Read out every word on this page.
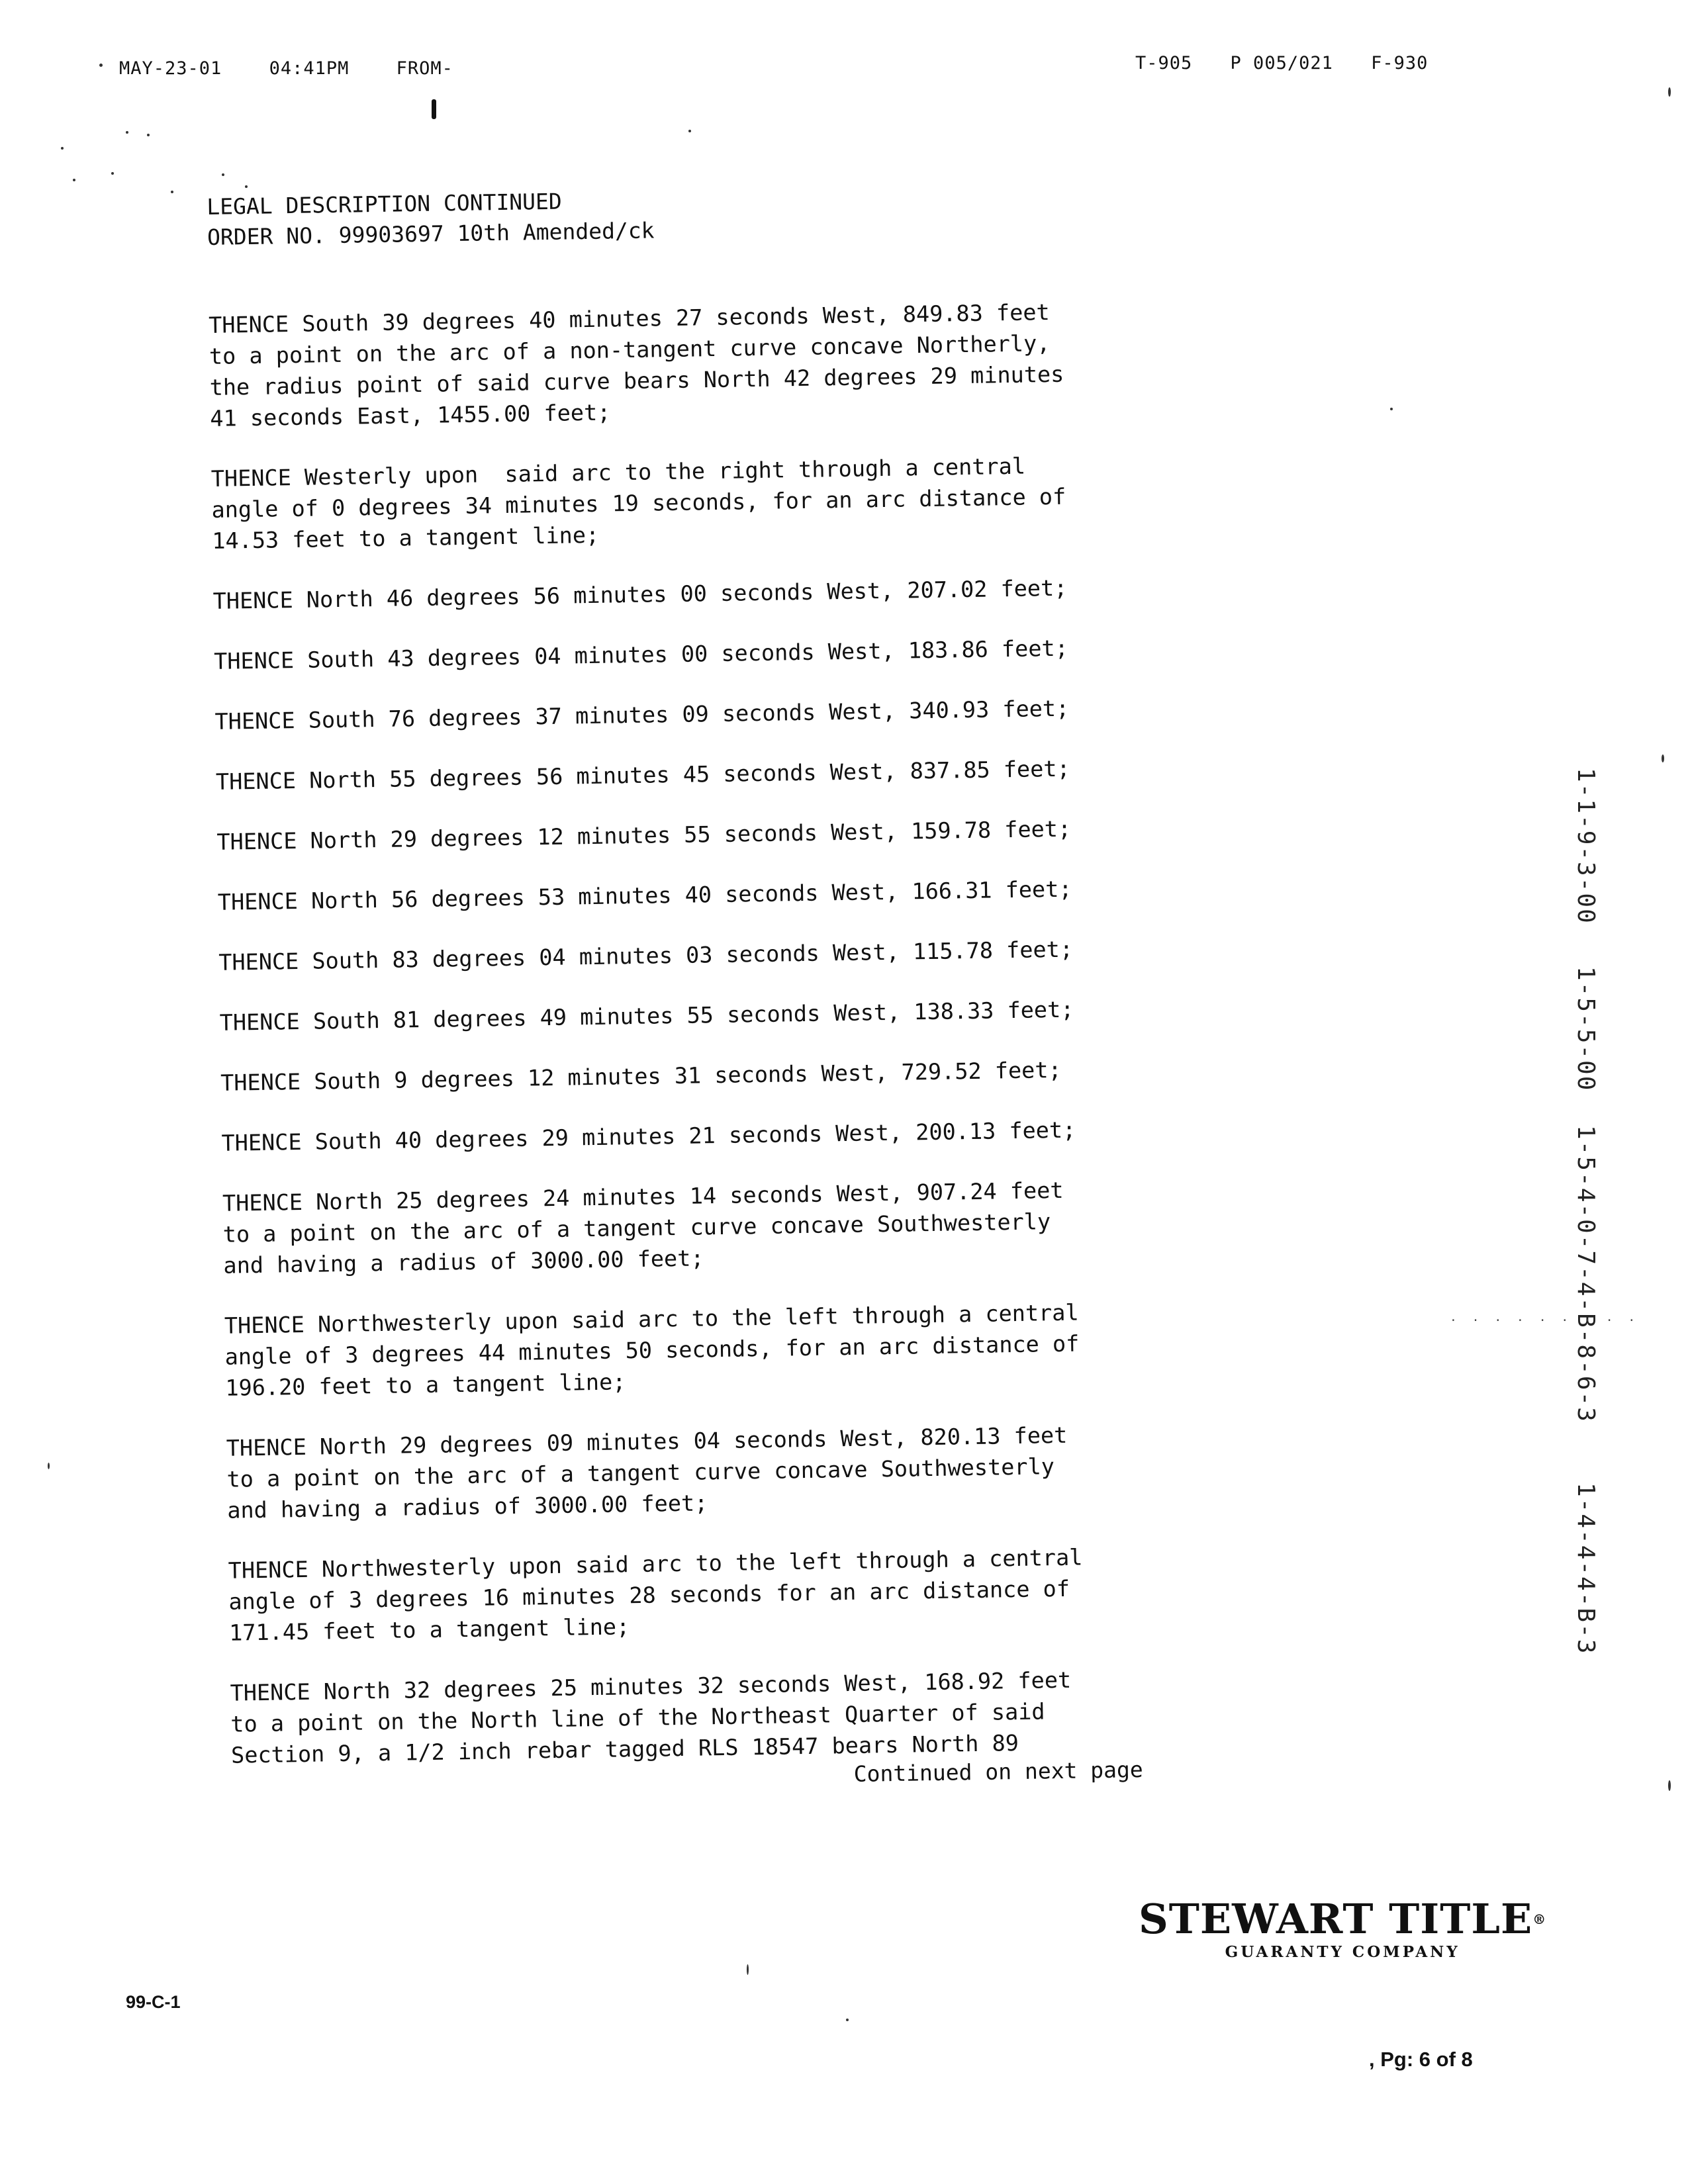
MAY-23-01	04:41PM	FROM-	T-905 P 005/021 F-930
LEGAL DESCRIPTION CONTINUED
ORDER NO. 99903697 10th Amended/ck

THENCE South 39 degrees 40 minutes 27 seconds West, 849.83 feet
to a point on the arc of a non-tangent curve concave Northerly,
the radius point of said curve bears North 42 degrees 29 minutes
41 seconds East, 1455.00 feet;

THENCE Westerly upon  said arc to the right through a central
angle of 0 degrees 34 minutes 19 seconds, for an arc distance of
14.53 feet to a tangent line;

THENCE North 46 degrees 56 minutes 00 seconds West, 207.02 feet;

THENCE South 43 degrees 04 minutes 00 seconds West, 183.86 feet;

THENCE South 76 degrees 37 minutes 09 seconds West, 340.93 feet;

THENCE North 55 degrees 56 minutes 45 seconds West, 837.85 feet;

THENCE North 29 degrees 12 minutes 55 seconds West, 159.78 feet;

THENCE North 56 degrees 53 minutes 40 seconds West, 166.31 feet;

THENCE South 83 degrees 04 minutes 03 seconds West, 115.78 feet;

THENCE South 81 degrees 49 minutes 55 seconds West, 138.33 feet;

THENCE South 9 degrees 12 minutes 31 seconds West, 729.52 feet;

THENCE South 40 degrees 29 minutes 21 seconds West, 200.13 feet;

THENCE North 25 degrees 24 minutes 14 seconds West, 907.24 feet
to a point on the arc of a tangent curve concave Southwesterly
and having a radius of 3000.00 feet;

THENCE Northwesterly upon said arc to the left through a central
angle of 3 degrees 44 minutes 50 seconds, for an arc distance of
196.20 feet to a tangent line;

THENCE North 29 degrees 09 minutes 04 seconds West, 820.13 feet
to a point on the arc of a tangent curve concave Southwesterly
and having a radius of 3000.00 feet;

THENCE Northwesterly upon said arc to the left through a central
angle of 3 degrees 16 minutes 28 seconds for an arc distance of
171.45 feet to a tangent line;

THENCE North 32 degrees 25 minutes 32 seconds West, 168.92 feet
to a point on the North line of the Northeast Quarter of said
Section 9, a 1/2 inch rebar tagged RLS 18547 bears North 89

Continued on next page
1-1-9-3-00
1-5-5-00
1-5-4-0-7-4-B-8-6-3
1-4-4-4-B-3
· · · · · · · · ·
STEWART TITLE®
GUARANTY COMPANY
99-C-1
, Pg: 6 of 8
